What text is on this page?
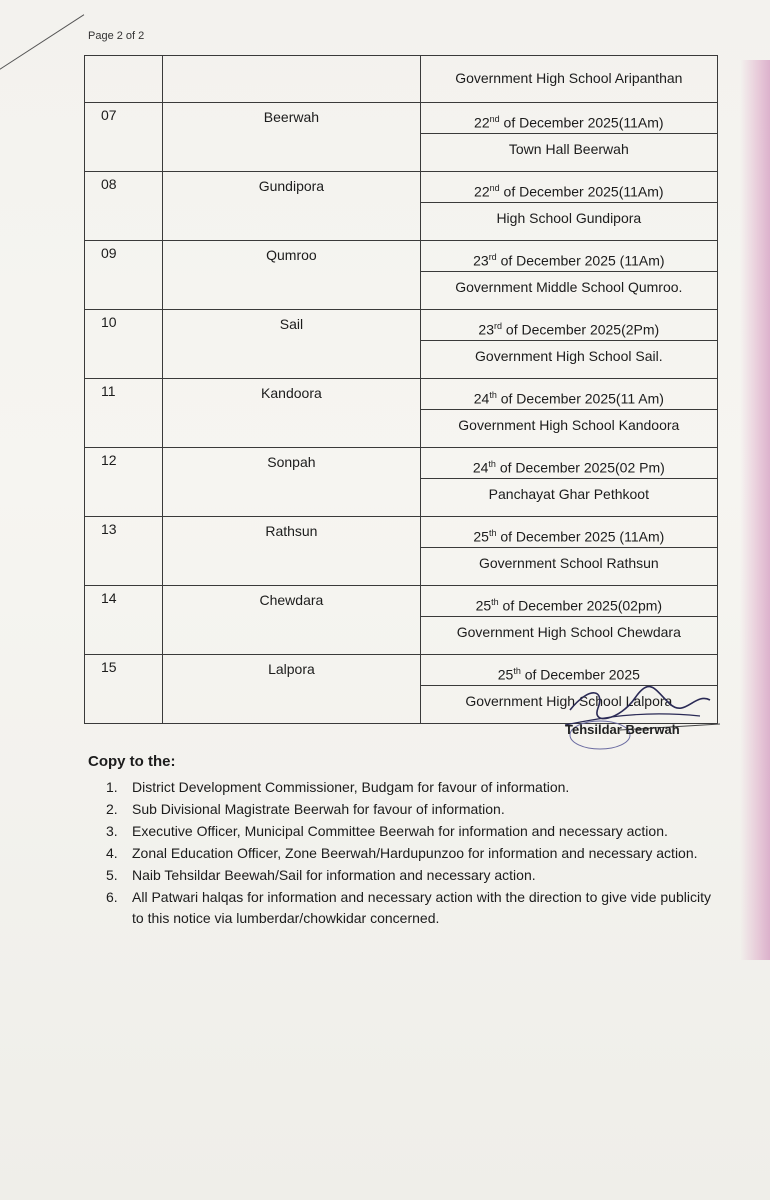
Page 2 of 2
		Government High School Aripanthan
07	Beerwah	22nd of December 2025(11Am)
Town Hall Beerwah

08	Gundipora	22nd of December 2025(11Am)
High School Gundipora

09	Qumroo	23rd of December 2025 (11Am)
Government Middle School Qumroo.

10	Sail	23rd of December 2025(2Pm)
Government High School Sail.

11	Kandoora	24th of December 2025(11 Am)
Government High School Kandoora

12	Sonpah	24th of December 2025(02 Pm)
Panchayat Ghar Pethkoot

13	Rathsun	25th of December 2025 (11Am)
Government School Rathsun

14	Chewdara	25th of December 2025(02pm)
Government High School Chewdara

15	Lalpora	25th of December 2025
Government High School Lalpora
Tehsildar Beerwah
Copy to the:
1. District Development Commissioner, Budgam for favour of information.
2. Sub Divisional Magistrate Beerwah for favour of information.
3. Executive Officer, Municipal Committee Beerwah for information and necessary action.
4. Zonal Education Officer, Zone Beerwah/Hardupunzoo for information and necessary action.
5. Naib Tehsildar Beewah/Sail for information and necessary action.
6. All Patwari halqas for information and necessary action with the direction to give vide publicity to this notice via lumberdar/chowkidar concerned.
